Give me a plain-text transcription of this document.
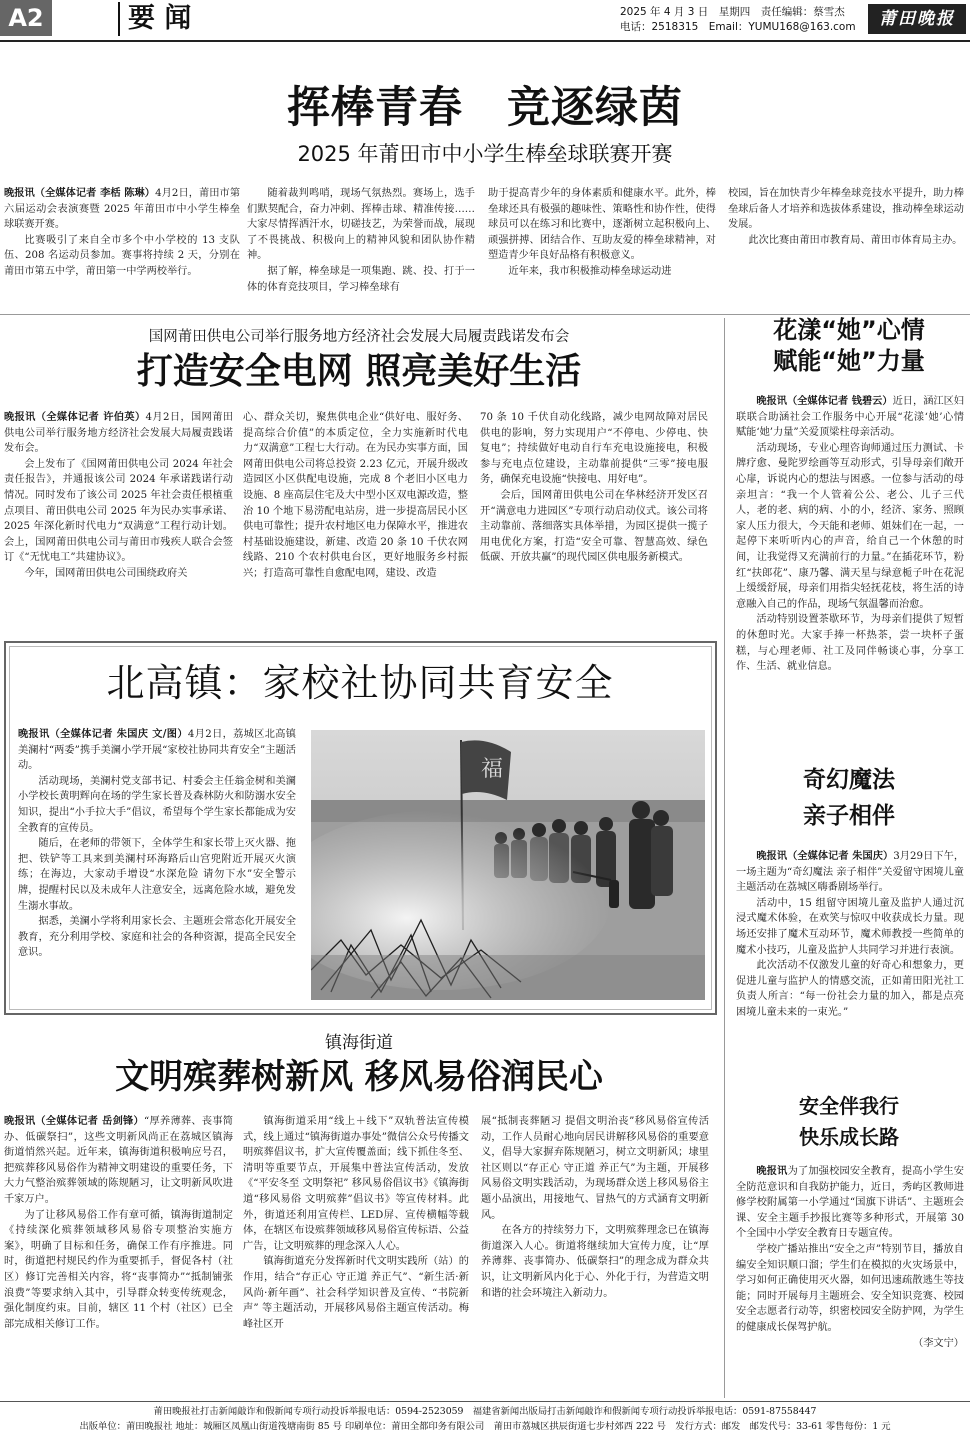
A2	要 闻	2025 年 4 月 3 日　星期四　责任编辑：蔡雪杰
电话：2518315　Email：YUMU168@163.com	莆田晚报
挥棒青春　竞逐绿茵
2025 年莆田市中小学生棒垒球联赛开赛

晚报讯（全媒体记者 李栝 陈琳）4月2日，莆田市第六届运动会表演赛暨 2025 年莆田市中小学生棒垒球联赛开赛。

比赛吸引了来自全市多个中小学校的 13 支队伍、208 名运动员参加。赛事将持续 2 天，分别在莆田市第五中学，莆田第一中学两校举行。

随着裁判鸣哨，现场气氛热烈。赛场上，选手们默契配合，奋力冲刺、挥棒击球、精准传接……大家尽情挥洒汗水，切磋技艺，为荣誉而战，展现了不畏挑战、积极向上的精神风貌和团队协作精神。

据了解，棒垒球是一项集跑、跳、投、打于一体的体育竞技项目，学习棒垒球有

助于提高青少年的身体素质和健康水平。此外，棒垒球还具有极强的趣味性、策略性和协作性，使得球员可以在练习和比赛中，逐渐树立起积极向上、顽强拼搏、团结合作、互助友爱的棒垒球精神，对塑造青少年良好品格有积极意义。

近年来，我市积极推动棒垒球运动进

校园，旨在加快青少年棒垒球竞技水平提升，助力棒垒球后备人才培养和选拔体系建设，推动棒垒球运动发展。

此次比赛由莆田市教育局、莆田市体育局主办。

国网莆田供电公司举行服务地方经济社会发展大局履责践诺发布会
打造安全电网 照亮美好生活

晚报讯（全媒体记者 许伯英）4月2日，国网莆田供电公司举行服务地方经济社会发展大局履责践诺发布会。

会上发布了《国网莆田供电公司 2024 年社会责任报告》，并通报该公司 2024 年承诺践诺行动情况。同时发布了该公司 2025 年社会责任根植重点项目、莆田供电公司 2025 年为民办实事承诺、2025 年深化新时代电力“双满意”工程行动计划。会上，国网莆田供电公司与莆田市残疾人联合会签订《“无忧电工”共建协议》。

今年，国网莆田供电公司围绕政府关

心、群众关切，聚焦供电企业“供好电、服好务、提高综合价值”的本质定位，全力实施新时代电力“双满意”工程七大行动。在为民办实事方面，国网莆田供电公司将总投资 2.23 亿元，开展升级改造园区小区供配电设施，完成 8 个老旧小区电力设施、8 座高层住宅及大中型小区双电源改造，整治 10 个地下易涝配电站房，进一步提高居民小区供电可靠性；提升农村地区电力保障水平，推进农村基础设施建设，新建、改造 20 条 10 千伏农网线路、210 个农村供电台区，更好地服务乡村振兴；打造高可靠性自愈配电网，建设、改造

70 条 10 千伏自动化线路，减少电网故障对居民供电的影响，努力实现用户“不停电、少停电、快复电”；持续做好电动自行车充电设施接电，积极参与充电点位建设，主动靠前提供“三零”接电服务，确保充电设施“快接电、用好电”。

会后，国网莆田供电公司在华林经济开发区召开“满意电力进园区”专项行动启动仪式。该公司将主动靠前、落细落实具体举措，为园区提供一揽子用电优化方案，打造“安全可靠、智慧高效、绿色低碳、开放共赢”的现代园区供电服务新模式。

北高镇：家校社协同共育安全

晚报讯（全媒体记者 朱国庆 文/图）4月2日，荔城区北高镇美澜村“两委”携手美澜小学开展“家校社协同共育安全”主题活动。

活动现场，美澜村党支部书记、村委会主任翁金树和美澜小学校长黄明辉向在场的学生家长普及森林防火和防溺水安全知识，提出“小手拉大手”倡议，希望每个学生家长都能成为安全教育的宣传员。

随后，在老师的带领下，全体学生和家长带上灭火器、拖把、铁铲等工具来到美澜村环海路后山宫兜附近开展灭火演练；在海边，大家动手增设“水深危险 请勿下水”安全警示牌，提醒村民以及未成年人注意安全，远离危险水域，避免发生溺水事故。

据悉，美澜小学将利用家长会、主题班会常态化开展安全教育，充分利用学校、家庭和社会的各种资源，提高全民安全意识。

福
镇海街道
文明殡葬树新风 移风易俗润民心

晚报讯（全媒体记者 岳剑锋）“厚养薄葬、丧事简办、低碳祭扫”，这些文明新风尚正在荔城区镇海街道悄然兴起。近年来，镇海街道积极响应号召，把殡葬移风易俗作为精神文明建设的重要任务，下大力气整治殡葬领域的陈规陋习，让文明新风吹进千家万户。

为了让移风易俗工作有章可循，镇海街道制定《持续深化殡葬领域移风易俗专项整治实施方案》，明确了目标和任务，确保工作有序推进。同时，街道把村规民约作为重要抓手，督促各村（社区）修订完善相关内容，将“丧事简办”“抵制铺张浪费”等要求纳入其中，引导群众转变传统观念，强化制度约束。目前，辖区 11 个村（社区）已全部完成相关修订工作。

镇海街道采用“线上＋线下”双轨普法宣传模式，线上通过“镇海街道办事处”微信公众号传播文明殡葬倡议书，扩大宣传覆盖面；线下抓住冬至、清明等重要节点，开展集中普法宣传活动，发放《“平安冬至 文明祭祀” 移风易俗倡议书》《镇海街道“移风易俗 文明殡葬”倡议书》等宣传材料。此外，街道还利用宣传栏、LED屏、宣传横幅等载体，在辖区布设殡葬领域移风易俗宣传标语、公益广告，让文明殡葬的理念深入人心。

镇海街道充分发挥新时代文明实践所（站）的作用，结合“存正心 守正道 养正气”、“新生活·新风尚·新年画”、社会科学知识普及宣传、“书院新声” 等主题活动，开展移风易俗主题宣传活动。梅峰社区开

展“抵制丧葬陋习 提倡文明治丧”移风易俗宣传活动，工作人员耐心地向居民讲解移风易俗的重要意义，倡导大家摒弃陈规陋习，树立文明新风；埭里社区则以“存正心 守正道 养正气”为主题，开展移风易俗文明实践活动，为现场群众送上移风易俗主题小品演出，用接地气、冒热气的方式涵育文明新风。

在各方的持续努力下，文明殡葬理念已在镇海街道深入人心。街道将继续加大宣传力度，让“厚养薄葬、丧事简办、低碳祭扫”的理念成为群众共识，让文明新风内化于心、外化于行，为营造文明和谐的社会环境注入新动力。

花漾“她”心情
赋能“她”力量

晚报讯（全媒体记者 钱碧云）近日，涵江区妇联联合助涵社会工作服务中心开展“花漾‘她’心情 赋能‘她’力量”关爱顶梁柱母亲活动。

活动现场，专业心理咨询师通过压力测试、卡牌疗愈、曼陀罗绘画等互动形式，引导母亲们敞开心扉，诉说内心的想法与困惑。一位参与活动的母亲坦言：“我一个人管着公公、老公、儿子三代人，老的老、病的病、小的小，经济、家务、照顾家人压力很大，今天能和老师、姐妹们在一起，一起停下来听听内心的声音，给自己一个休憩的时间，让我觉得又充满前行的力量。”在插花环节，粉红“扶郎花”、康乃馨、满天星与绿意栀子叶在花泥上缓缓舒展，母亲们用指尖轻抚花枝，将生活的诗意融入自己的作品，现场气氛温馨而治愈。

活动特别设置茶歇环节，为母亲们提供了短暂的休憩时光。大家手捧一杯热茶，尝一块杯子蛋糕，与心理老师、社工及同伴畅谈心事，分享工作、生活、就业信息。

奇幻魔法
亲子相伴

晚报讯（全媒体记者 朱国庆）3月29日下午，一场主题为“奇幻魔法 亲子相伴”关爱留守困境儿童主题活动在荔城区嗨番剧场举行。

活动中，15 组留守困境儿童及监护人通过沉浸式魔术体验，在欢笑与惊叹中收获成长力量。现场还安排了魔术互动环节，魔术师教授一些简单的魔术小技巧，儿童及监护人共同学习并进行表演。

此次活动不仅激发儿童的好奇心和想象力，更促进儿童与监护人的情感交流，正如莆田阳光社工负责人所言：“每一份社会力量的加入，都是点亮困境儿童未来的一束光。”

安全伴我行
快乐成长路

晚报讯为了加强校园安全教育，提高小学生安全防范意识和自我防护能力，近日，秀屿区教师进修学校附属第一小学通过“国旗下讲话”、主题班会课、安全主题手抄报比赛等多种形式，开展第 30 个全国中小学安全教育日专题宣传。

学校广播站推出“安全之声”特别节目，播放自编安全知识顺口溜；学生们在模拟的火灾场景中，学习如何正确使用灭火器，如何迅速疏散逃生等技能；同时开展每月主题班会、安全知识竞赛、校园安全志愿者行动等，织密校园安全防护网，为学生的健康成长保驾护航。

（李文宁）

莆田晚报社打击新闻敲诈和假新闻专项行动投诉举报电话：0594-2523059　福建省新闻出版局打击新闻敲诈和假新闻专项行动投诉举报电话：0591-87558447
出版单位：莆田晚报社 地址：城厢区凤凰山街道筏塘南街 85 号 印刷单位：莆田全都印务有限公司　莆田市荔城区拱辰街道七步村郊西 222 号　发行方式：邮发　邮发代号：33-61 零售每份：1 元
